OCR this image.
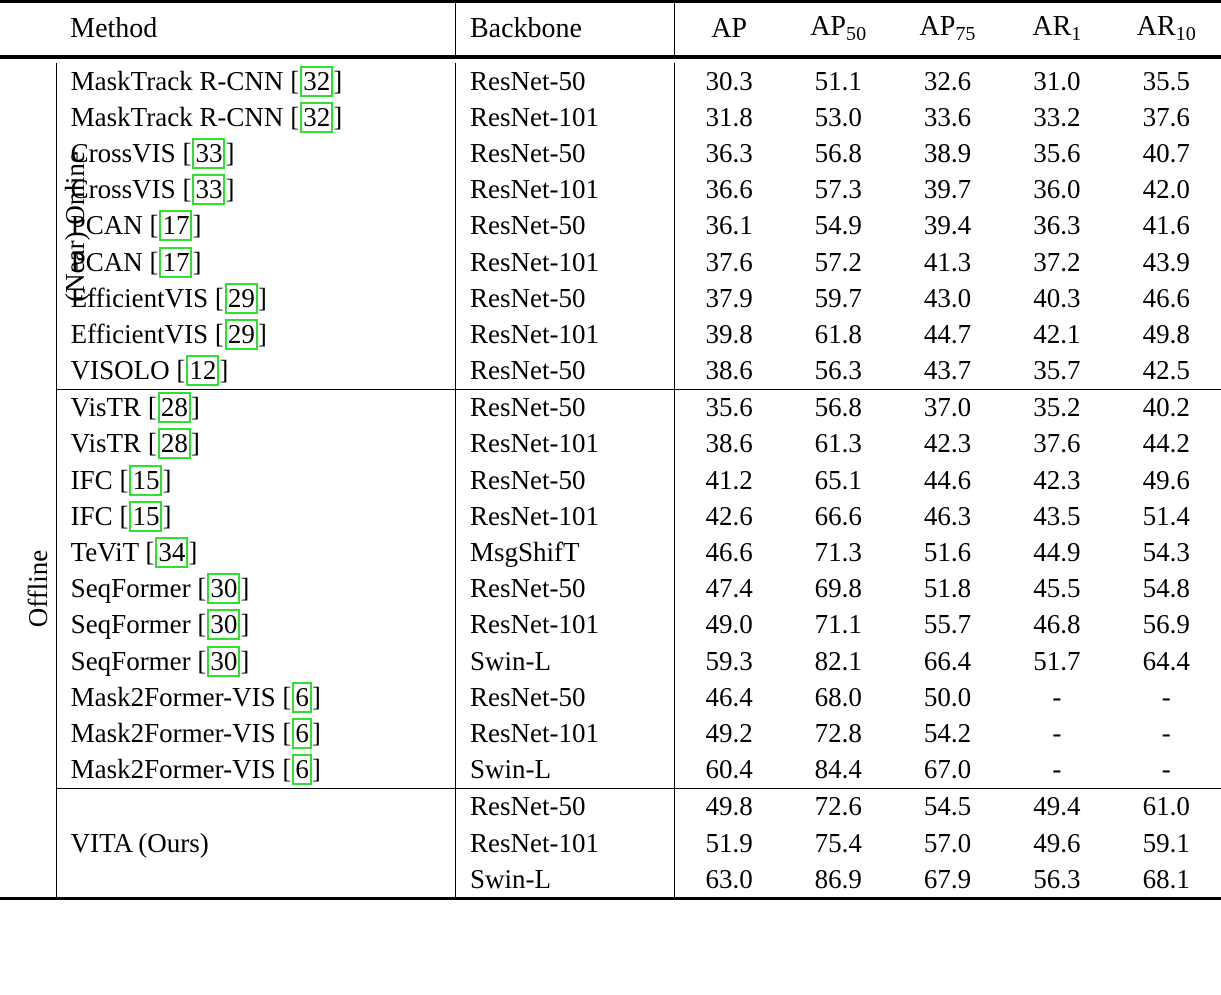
	Method	Backbone	AP	$AP_{50}$	$AP_{75}$	$AR_1$	$AR_{10}$

(Near) Online	MaskTrack R-CNN [ 32 ]	ResNet-50	30.3	51.1	32.6	31.0	35.5
	MaskTrack R-CNN [ 32 ]	ResNet-101	31.8	53.0	33.6	33.2	37.6
	CrossVIS [ 33 ]	ResNet-50	36.3	56.8	38.9	35.6	40.7
	CrossVIS [ 33 ]	ResNet-101	36.6	57.3	39.7	36.0	42.0
	PCAN [ 17 ]	ResNet-50	36.1	54.9	39.4	36.3	41.6
	PCAN [ 17 ]	ResNet-101	37.6	57.2	41.3	37.2	43.9
	EfficientVIS [ 29 ]	ResNet-50	37.9	59.7	43.0	40.3	46.6
	EfficientVIS [ 29 ]	ResNet-101	39.8	61.8	44.7	42.1	49.8
	VISOLO [ 12 ]	ResNet-50	38.6	56.3	43.7	35.7	42.5

Offline	VisTR [ 28 ]	ResNet-50	35.6	56.8	37.0	35.2	40.2
	VisTR [ 28 ]	ResNet-101	38.6	61.3	42.3	37.6	44.2
	IFC [ 15 ]	ResNet-50	41.2	65.1	44.6	42.3	49.6
	IFC [ 15 ]	ResNet-101	42.6	66.6	46.3	43.5	51.4
	TeViT [ 34 ]	MsgShifT	46.6	71.3	51.6	44.9	54.3
	SeqFormer [ 30 ]	ResNet-50	47.4	69.8	51.8	45.5	54.8
	SeqFormer [ 30 ]	ResNet-101	49.0	71.1	55.7	46.8	56.9
	SeqFormer [ 30 ]	Swin-L	59.3	82.1	66.4	51.7	64.4
	Mask2Former-VIS [ 6 ]	ResNet-50	46.4	68.0	50.0	-	-
	Mask2Former-VIS [ 6 ]	ResNet-101	49.2	72.8	54.2	-	-
	Mask2Former-VIS [ 6 ]	Swin-L	60.4	84.4	67.0	-	-

		ResNet-50	49.8	72.6	54.5	49.4	61.0
	VITA (Ours)	ResNet-101	51.9	75.4	57.0	49.6	59.1
		Swin-L	63.0	86.9	67.9	56.3	68.1
